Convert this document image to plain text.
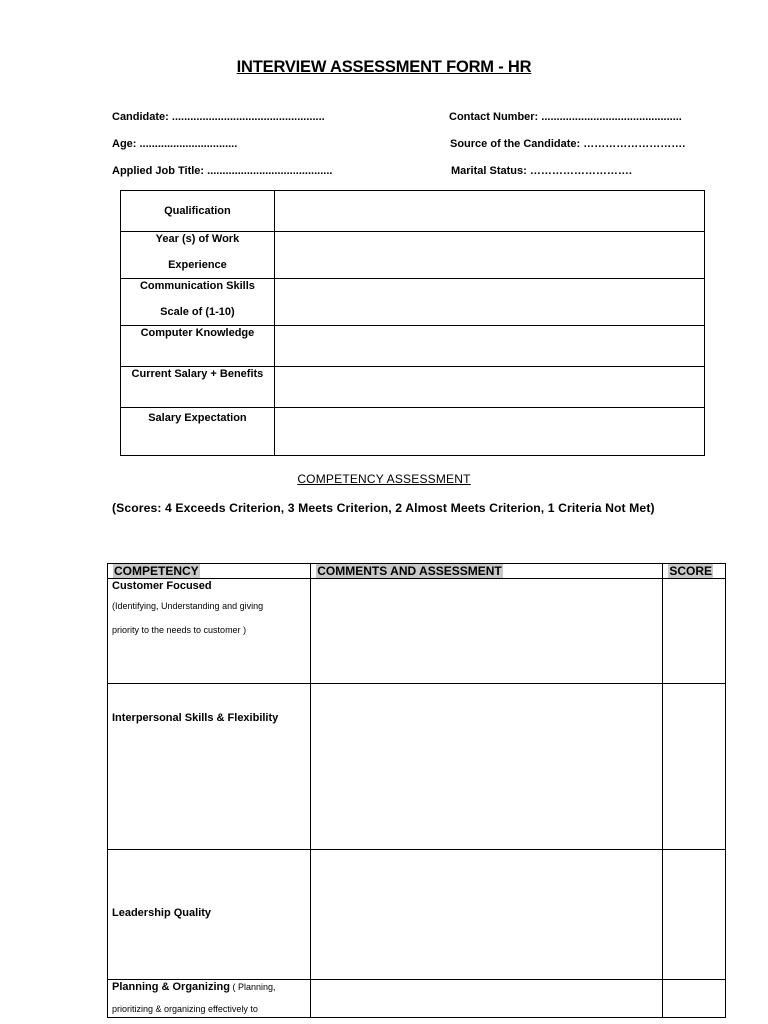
INTERVIEW ASSESSMENT FORM - HR
Candidate: ..................................................
Age: ................................
Applied Job Title: .........................................
Contact Number: ..............................................
Source of the Candidate: ……………………….
Marital Status: ……………………….
Qualification	

Year (s) of Work
Experience	

Communication Skills
Scale of (1-10)	

Computer Knowledge	

Current Salary + Benefits	

Salary Expectation	

COMPETENCY ASSESSMENT
(Scores: 4 Exceeds Criterion, 3 Meets Criterion, 2 Almost Meets Criterion, 1 Criteria Not Met)
COMPETENCY	COMMENTS AND ASSESSMENT	SCORE

Customer Focused
(Identifying, Understanding and giving
priority to the needs to customer )		

Interpersonal Skills & Flexibility		

Leadership Quality		

Planning & Organizing ( Planning,
prioritizing & organizing effectively to		
